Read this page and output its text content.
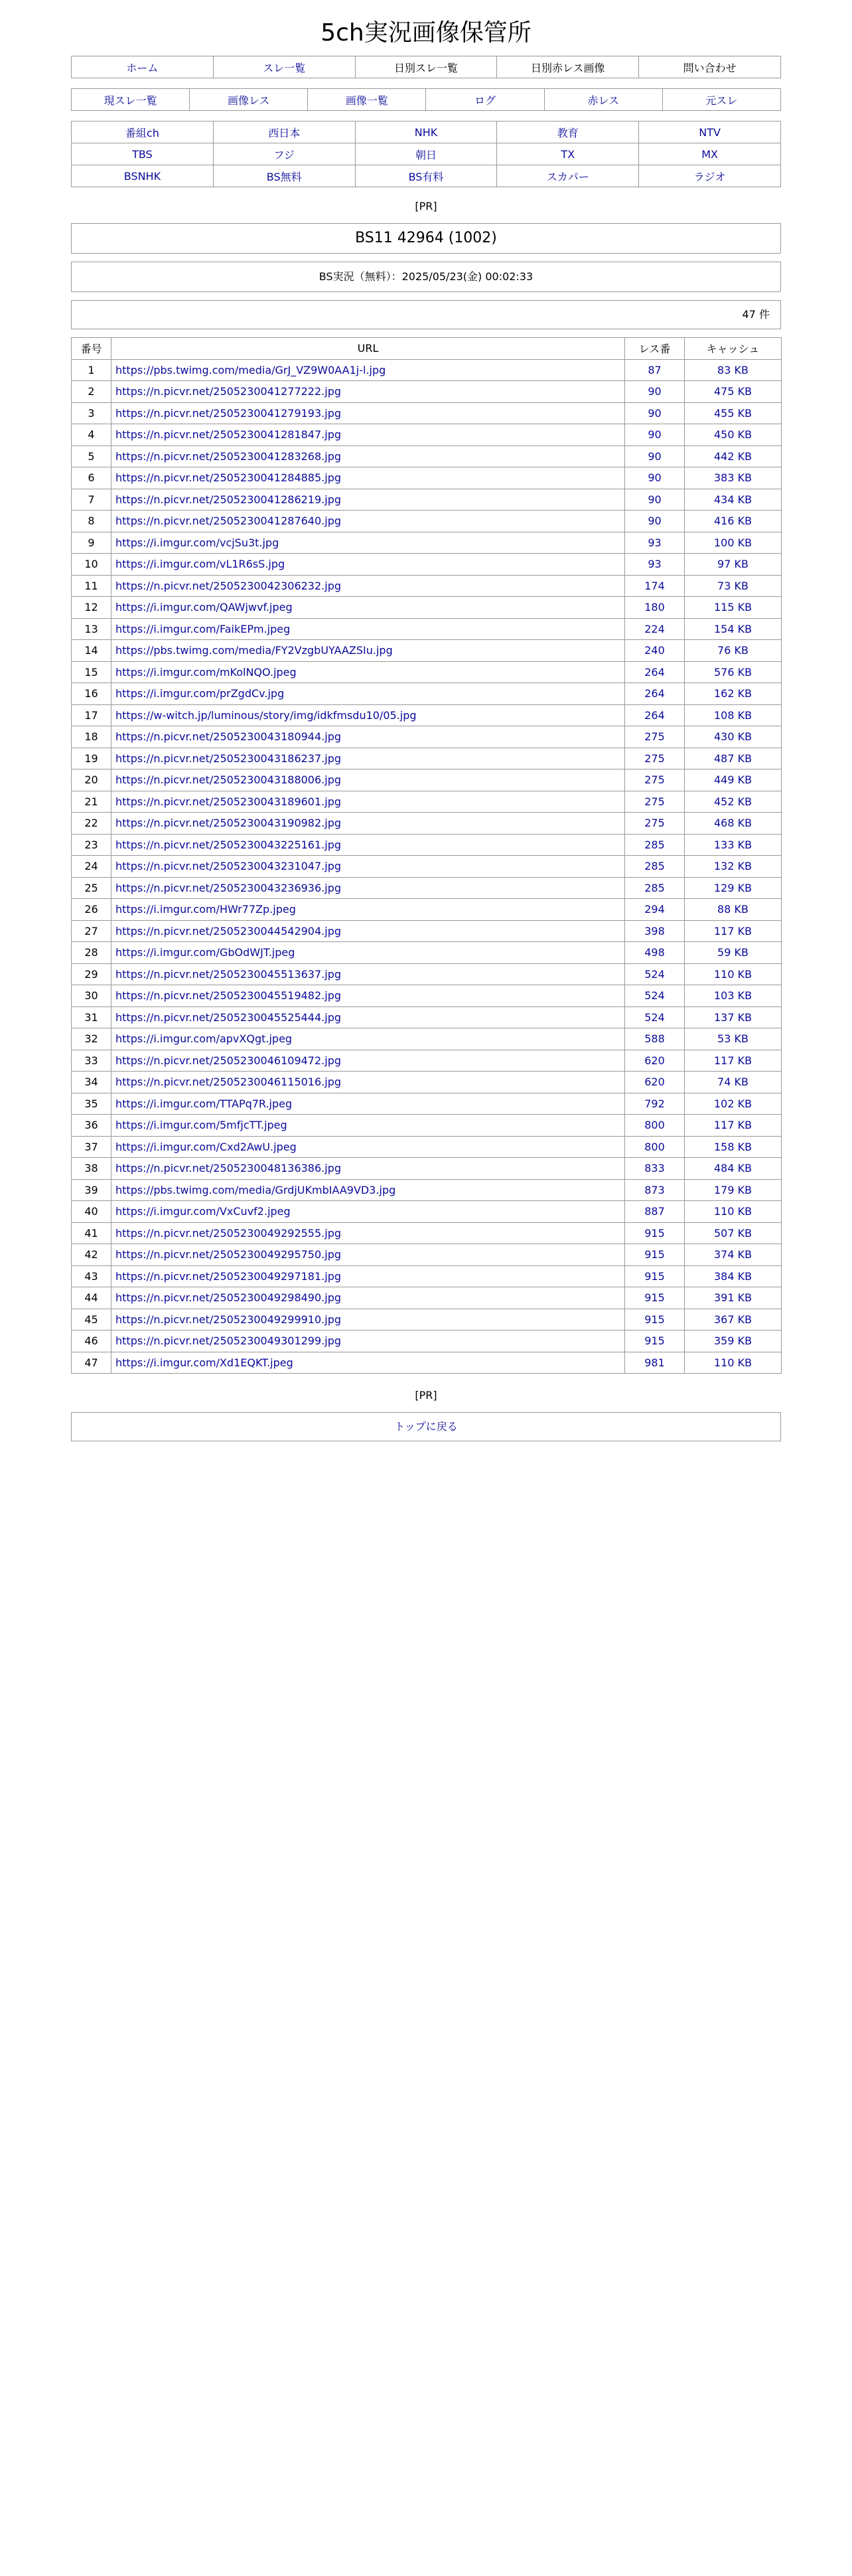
5ch実況画像保管所
ホーム	スレ一覧	日別スレ一覧	日別赤レス画像	問い合わせ
現スレ一覧	画像レス	画像一覧	ログ	赤レス	元スレ
番組ch	西日本	NHK	教育	NTV
TBS	フジ	朝日	TX	MX
BSNHK	BS無料	BS有料	スカパー	ラジオ
[PR]
BS11 42964 (1002)
BS実況（無料）：2025/05/23(金) 00:02:33
47 件
番号	URL	レス番	キャッシュ
1	https://pbs.twimg.com/media/GrJ_VZ9W0AA1j-l.jpg	87	83 KB
2	https://n.picvr.net/2505230041277222.jpg	90	475 KB
3	https://n.picvr.net/2505230041279193.jpg	90	455 KB
4	https://n.picvr.net/2505230041281847.jpg	90	450 KB
5	https://n.picvr.net/2505230041283268.jpg	90	442 KB
6	https://n.picvr.net/2505230041284885.jpg	90	383 KB
7	https://n.picvr.net/2505230041286219.jpg	90	434 KB
8	https://n.picvr.net/2505230041287640.jpg	90	416 KB
9	https://i.imgur.com/vcjSu3t.jpg	93	100 KB
10	https://i.imgur.com/vL1R6sS.jpg	93	97 KB
11	https://n.picvr.net/2505230042306232.jpg	174	73 KB
12	https://i.imgur.com/QAWjwvf.jpeg	180	115 KB
13	https://i.imgur.com/FaikEPm.jpeg	224	154 KB
14	https://pbs.twimg.com/media/FY2VzgbUYAAZSIu.jpg	240	76 KB
15	https://i.imgur.com/mKolNQO.jpeg	264	576 KB
16	https://i.imgur.com/prZgdCv.jpg	264	162 KB
17	https://w-witch.jp/luminous/story/img/idkfmsdu10/05.jpg	264	108 KB
18	https://n.picvr.net/2505230043180944.jpg	275	430 KB
19	https://n.picvr.net/2505230043186237.jpg	275	487 KB
20	https://n.picvr.net/2505230043188006.jpg	275	449 KB
21	https://n.picvr.net/2505230043189601.jpg	275	452 KB
22	https://n.picvr.net/2505230043190982.jpg	275	468 KB
23	https://n.picvr.net/2505230043225161.jpg	285	133 KB
24	https://n.picvr.net/2505230043231047.jpg	285	132 KB
25	https://n.picvr.net/2505230043236936.jpg	285	129 KB
26	https://i.imgur.com/HWr77Zp.jpeg	294	88 KB
27	https://n.picvr.net/2505230044542904.jpg	398	117 KB
28	https://i.imgur.com/GbOdWJT.jpeg	498	59 KB
29	https://n.picvr.net/2505230045513637.jpg	524	110 KB
30	https://n.picvr.net/2505230045519482.jpg	524	103 KB
31	https://n.picvr.net/2505230045525444.jpg	524	137 KB
32	https://i.imgur.com/apvXQgt.jpeg	588	53 KB
33	https://n.picvr.net/2505230046109472.jpg	620	117 KB
34	https://n.picvr.net/2505230046115016.jpg	620	74 KB
35	https://i.imgur.com/TTAPq7R.jpeg	792	102 KB
36	https://i.imgur.com/5mfjcTT.jpeg	800	117 KB
37	https://i.imgur.com/Cxd2AwU.jpeg	800	158 KB
38	https://n.picvr.net/2505230048136386.jpg	833	484 KB
39	https://pbs.twimg.com/media/GrdjUKmbIAA9VD3.jpg	873	179 KB
40	https://i.imgur.com/VxCuvf2.jpeg	887	110 KB
41	https://n.picvr.net/2505230049292555.jpg	915	507 KB
42	https://n.picvr.net/2505230049295750.jpg	915	374 KB
43	https://n.picvr.net/2505230049297181.jpg	915	384 KB
44	https://n.picvr.net/2505230049298490.jpg	915	391 KB
45	https://n.picvr.net/2505230049299910.jpg	915	367 KB
46	https://n.picvr.net/2505230049301299.jpg	915	359 KB
47	https://i.imgur.com/Xd1EQKT.jpeg	981	110 KB
[PR]
トップに戻る
